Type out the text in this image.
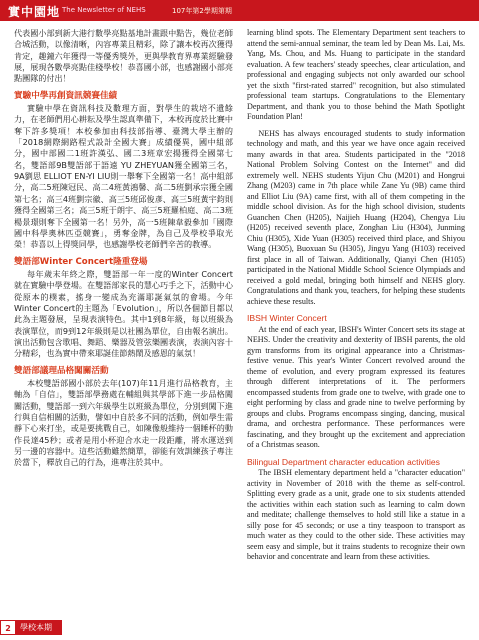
實中園地 The Newsletter of NEHS	107年第2學期第期

代表國小部到新大港行數學亮點基地計畫跟中點告，幾位老師合城活動，以像清晰，內容專業且精彩，除了讓本校再次獲得肯定，趣鐘六年獲得一等優秀獎外，更與學教育界專業經驗發展，展現各數學亮點佳棧學校！恭喜國小部，也感謝國小部亮點團隊的付出！

實驗中學再創資訊競賽佳績

實驗中學在資訊科技及數理方面，對學生的栽培不遺餘力，在老師們用心耕耘及學生認真準備下，本校再度於比賽中奪下許多獎項！本校參加由科技部指導、臺灣大學主辦的「2018網際網路程式設計全國大賽」成績優異，國中組部分，國中部國二1班許漢弘、國二3班章宏揚獲得全國第七名，雙語部9B雙語部于語遠 YU ZHEYUAN獲全國第三名，9A劉思 ELLIOT EN-YI LIU則一舉奪下全國第一名！高中組部分，高二5班陳冠民、高二4班黃鴻馨、高二5班劉承宗獲全國第七名；高三4班劉宗徽、高三5班邱俊彥、高三5班黃宇鈞則獲得全國第三名；高三5班于朗宇、高三5班羅柏庭、高二3班楊景璟則奪下全國第一名！另外，高一5班陳韋毅參加「國際國中科學奧林匹亞競賽」，勇奪金牌，為自己及學校爭取光榮！恭喜以上得獎同學，也感謝學校老師們辛苦的教導。

雙語部Winter Concert隆重登場

每年歲末年終之際，雙語部一年一度的Winter Concert就在實驗中學登場。在雙語部家長的慧心巧手之下，活動中心從原本的樸素，搖身一變成為充滿耶誕氣氛的會場。今年Winter Concert的主題為「Evolution」，所以各個節目都以此為主題發展，呈現表演特色。其中1到8年級，每以班級為表演單位，而9到12年級則是以社團為單位，自由報名演出。演出活動包含歌唱、舞蹈、樂器及管弦樂團表演，表演內容十分精彩，也為實中帶來耶誕佳節熱鬧及感恩的氣氛！

雙語部議理品格闖關活動

本校雙語部國小部於去年(107)年11月進行品格教育，主軸為「自信」，雙語部學務處在輔組與其學部下進一步品格闖關活動，雙語部一到六年級學生以班級為單位，分別到闖下進行與自信相關的活動，譬如中自於多不同的活動，例如學生需靜下心來打坐，或是要挑戰自己，如陳像般維持一個睡杯的動作長達45秒；或者是用小杯迎合水走一段距離，將水運送到另一邊的容器中。這些活動雖然簡單，卻能有效訓練孩子專注於當下，釋放自己的行為，進專注於其中。

learning blind spots. The Elementary Department sent teachers to attend the semi-annual seminar, the team led by Dean Ms. Lai, Ms. Yang, Ms. Chou, and Ms. Huang to participate in the standard evaluation. A few teachers' steady speeches, clear articulation, and professional and engaging subjects not only awarded our school yet the sixth "first-rated starred" recognition, but also stimulated professional team startups. Congratulations to the Elementary Department, and thank you to those behind the Math Spotlight Foundation Plan!

NEHS has always encouraged students to study information technology and math, and this year we have once again received many awards in that area. Students participated in the "2018 National Problem Solving Contest on the Internet" and did extremely well. NEHS students Yijun Chu (M201) and Hongrui Zhang (M203) came in 7th place while Zane Yu (9B) came third and Elliot Liu (9A) came first, with all of them competing in the middle school division. As for the high school division, students Guanchen Chen (H205), Naijieh Huang (H204), Chengya Liu (H205) received seventh place, Zonghan Liu (H304), Junming Chiu (H305), Xide Yuan (H305) received third place, and Shiyou Wang (H305), Buoxuan Su (H305), Jingyu Yang (H103) received first place in all of Taiwan. Additionally, Qianyi Chen (H105) participated in the National Middle School Science Olympiads and received a gold medal, bringing both himself and NEHS glory. Congratulations and thank you, teachers, for helping these students achieve these results.

IBSH Winter Concert

At the end of each year, IBSH's Winter Concert sets its stage at NEHS. Under the creativity and dexterity of IBSH parents, the old gym transforms from its original appearance into a Christmas-festive venue. This year's Winter Concert revolved around the theme of evolution, and every program expressed its features through different interpretations of it. The performers encompassed students from grade one to twelve, with grade one to eight performing by class and grade nine to twelve performing by groups and clubs. Programs encompass singing, dancing, musical drama, and orchestra performance. These performances were fascinating, and they brought up the excitement and appreciation of a Christmas season.

Bilingual Department character education activities

The IBSH elementary department held a "character education" activity in November of 2018 with the theme as self-control. Splitting every grade as a unit, grade one to six students attended the activities within each station such as learning to calm down and meditate; challenge themselves to hold still like a statue in a silly pose for 45 seconds; or use a tiny teaspoon to transport as much water as they could to the other side. These activities may seem easy and simple, but it trains students to recognize their own behavior and concentrate and learn from these activities.

2	學校本期
